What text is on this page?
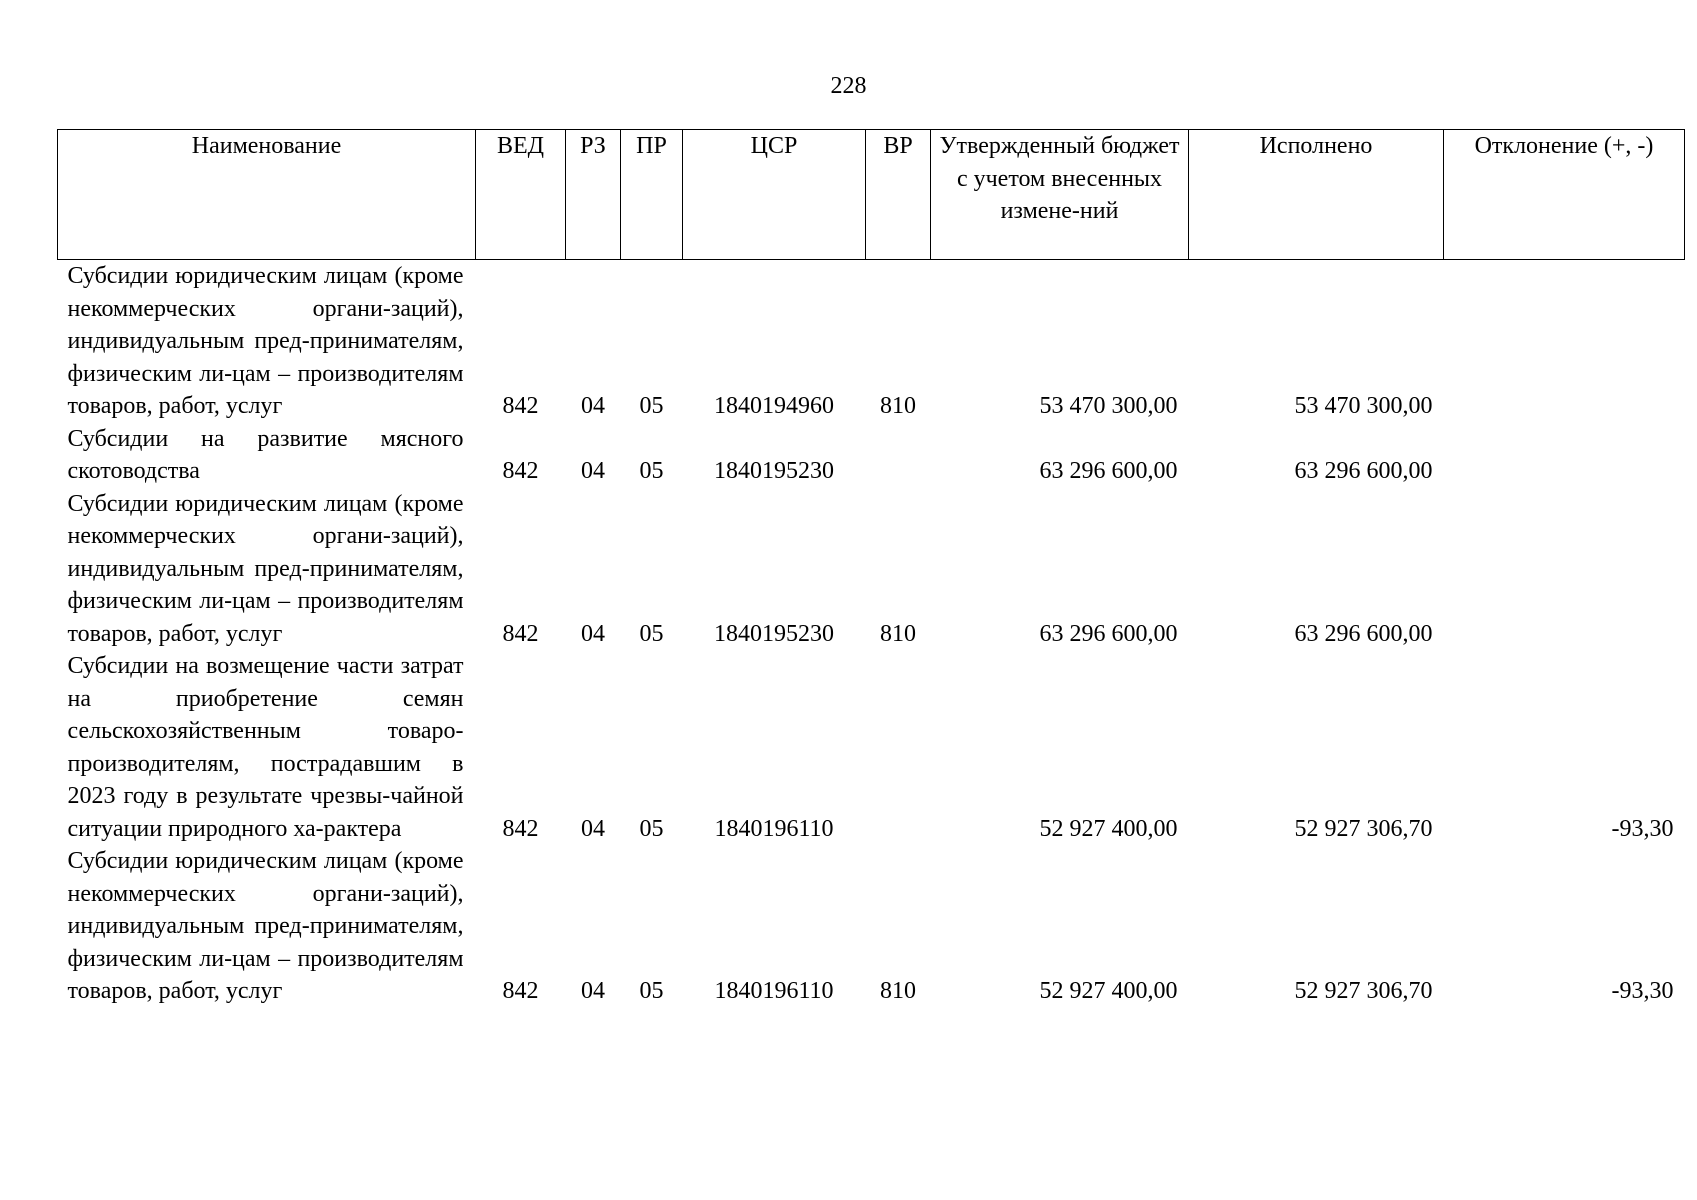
228
Наименование	ВЕД	РЗ	ПР	ЦСР	ВР	Утвержденный бюджет с учетом внесенных измене-ний	Исполнено	Отклонение (+, -)
Субсидии юридическим лицам (кроме некоммерческих органи-заций), индивидуальным пред-принимателям, физическим ли-цам – производителям товаров, работ, услуг	842	04	05	1840194960	810	53 470 300,00	53 470 300,00	
Субсидии на развитие мясного скотоводства	842	04	05	1840195230		63 296 600,00	63 296 600,00	
Субсидии юридическим лицам (кроме некоммерческих органи-заций), индивидуальным пред-принимателям, физическим ли-цам – производителям товаров, работ, услуг	842	04	05	1840195230	810	63 296 600,00	63 296 600,00	
Субсидии на возмещение части затрат на приобретение семян сельскохозяйственным товаро-производителям, пострадавшим в 2023 году в результате чрезвы-чайной ситуации природного ха-рактера	842	04	05	1840196110		52 927 400,00	52 927 306,70	-93,30
Субсидии юридическим лицам (кроме некоммерческих органи-заций), индивидуальным пред-принимателям, физическим ли-цам – производителям товаров, работ, услуг	842	04	05	1840196110	810	52 927 400,00	52 927 306,70	-93,30
